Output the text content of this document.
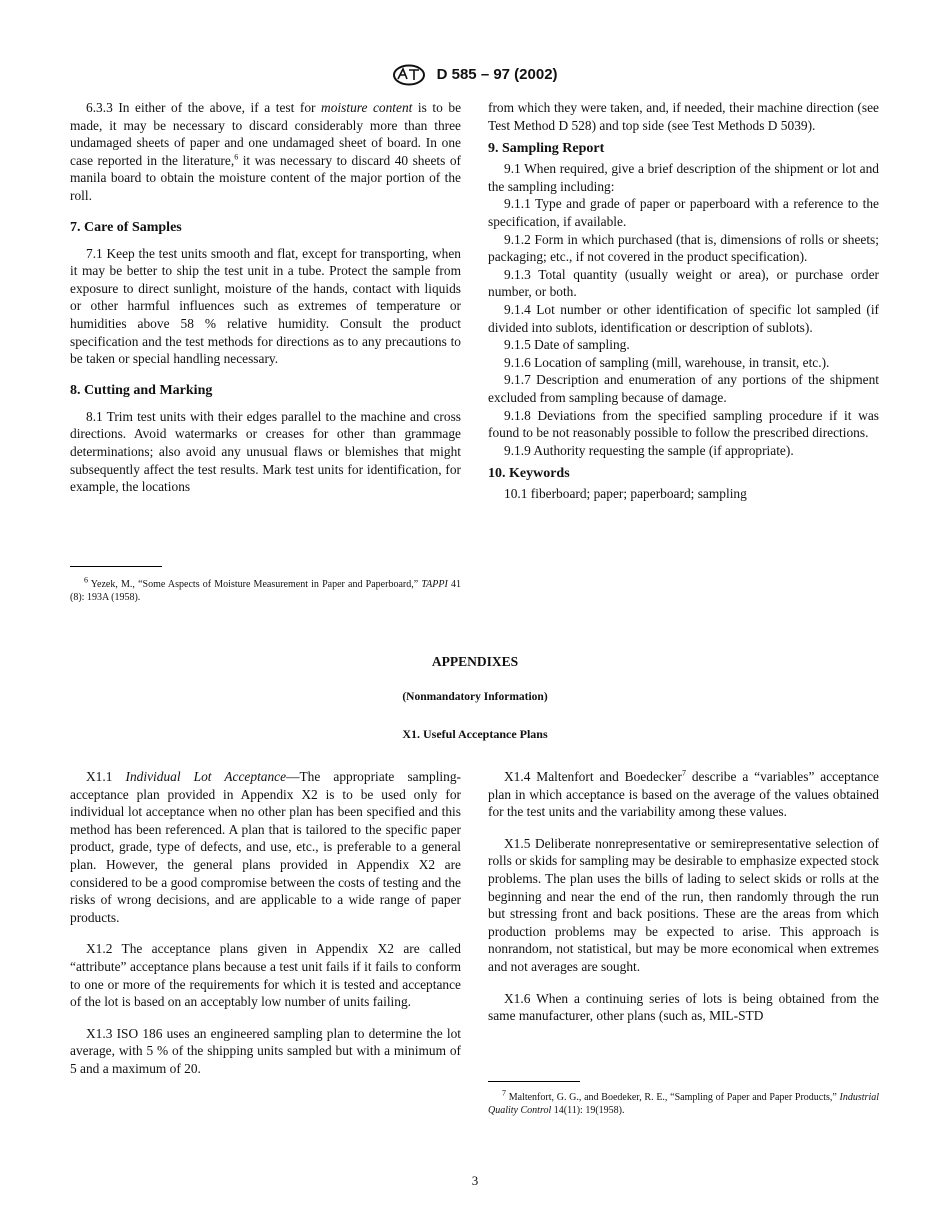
D 585 – 97 (2002)

6.3.3 In either of the above, if a test for moisture content is to be made, it may be necessary to discard considerably more than three undamaged sheets of paper and one undamaged sheet of board. In one case reported in the literature,$^6$ it was necessary to discard 40 sheets of manila board to obtain the moisture content of the major portion of the roll.

7. Care of Samples

7.1 Keep the test units smooth and flat, except for transporting, when it may be better to ship the test unit in a tube. Protect the sample from exposure to direct sunlight, moisture of the hands, contact with liquids or other harmful influences such as extremes of temperature or humidities above 58 % relative humidity. Consult the product specification and the test methods for directions as to any precautions to be taken or special handling necessary.

8. Cutting and Marking

8.1 Trim test units with their edges parallel to the machine and cross directions. Avoid watermarks or creases for other than grammage determinations; also avoid any unusual flaws or blemishes that might subsequently affect the test results. Mark test units for identification, for example, the locations

$^6$ Yezek, M., “Some Aspects of Moisture Measurement in Paper and Paperboard,” TAPPI 41 (8): 193A (1958).

from which they were taken, and, if needed, their machine direction (see Test Method D 528) and top side (see Test Methods D 5039).

9. Sampling Report

9.1 When required, give a brief description of the shipment or lot and the sampling including:

9.1.1 Type and grade of paper or paperboard with a reference to the specification, if available.

9.1.2 Form in which purchased (that is, dimensions of rolls or sheets; packaging; etc., if not covered in the product specification).

9.1.3 Total quantity (usually weight or area), or purchase order number, or both.

9.1.4 Lot number or other identification of specific lot sampled (if divided into sublots, identification or description of sublots).

9.1.5 Date of sampling.

9.1.6 Location of sampling (mill, warehouse, in transit, etc.).

9.1.7 Description and enumeration of any portions of the shipment excluded from sampling because of damage.

9.1.8 Deviations from the specified sampling procedure if it was found to be not reasonably possible to follow the prescribed directions.

9.1.9 Authority requesting the sample (if appropriate).

10. Keywords

10.1 fiberboard; paper; paperboard; sampling

APPENDIXES
(Nonmandatory Information)
X1. Useful Acceptance Plans

X1.1 Individual Lot Acceptance—The appropriate sampling-acceptance plan provided in Appendix X2 is to be used only for individual lot acceptance when no other plan has been specified and this method has been referenced. A plan that is tailored to the specific paper product, grade, type of defects, and use, etc., is preferable to a general plan. However, the general plans provided in Appendix X2 are considered to be a good compromise between the costs of testing and the risks of wrong decisions, and are applicable to a wide range of paper products.

X1.2 The acceptance plans given in Appendix X2 are called “attribute” acceptance plans because a test unit fails if it fails to conform to one or more of the requirements for which it is tested and acceptance of the lot is based on an acceptably low number of units failing.

X1.3 ISO 186 uses an engineered sampling plan to determine the lot average, with 5 % of the shipping units sampled but with a minimum of 5 and a maximum of 20.

X1.4 Maltenfort and Boedecker$^7$ describe a “variables” acceptance plan in which acceptance is based on the average of the values obtained for the test units and the variability among these values.

X1.5 Deliberate nonrepresentative or semirepresentative selection of rolls or skids for sampling may be desirable to emphasize expected stock problems. The plan uses the bills of lading to select skids or rolls at the beginning and near the end of the run, then randomly through the run but stressing front and back positions. These are the areas from which production problems may be expected to arise. This approach is nonrandom, not statistical, but may be more economical when extremes and not averages are sought.

X1.6 When a continuing series of lots is being obtained from the same manufacturer, other plans (such as, MIL-STD

$^7$ Maltenfort, G. G., and Boedeker, R. E., “Sampling of Paper and Paper Products,” Industrial Quality Control 14(11): 19(1958).

3
